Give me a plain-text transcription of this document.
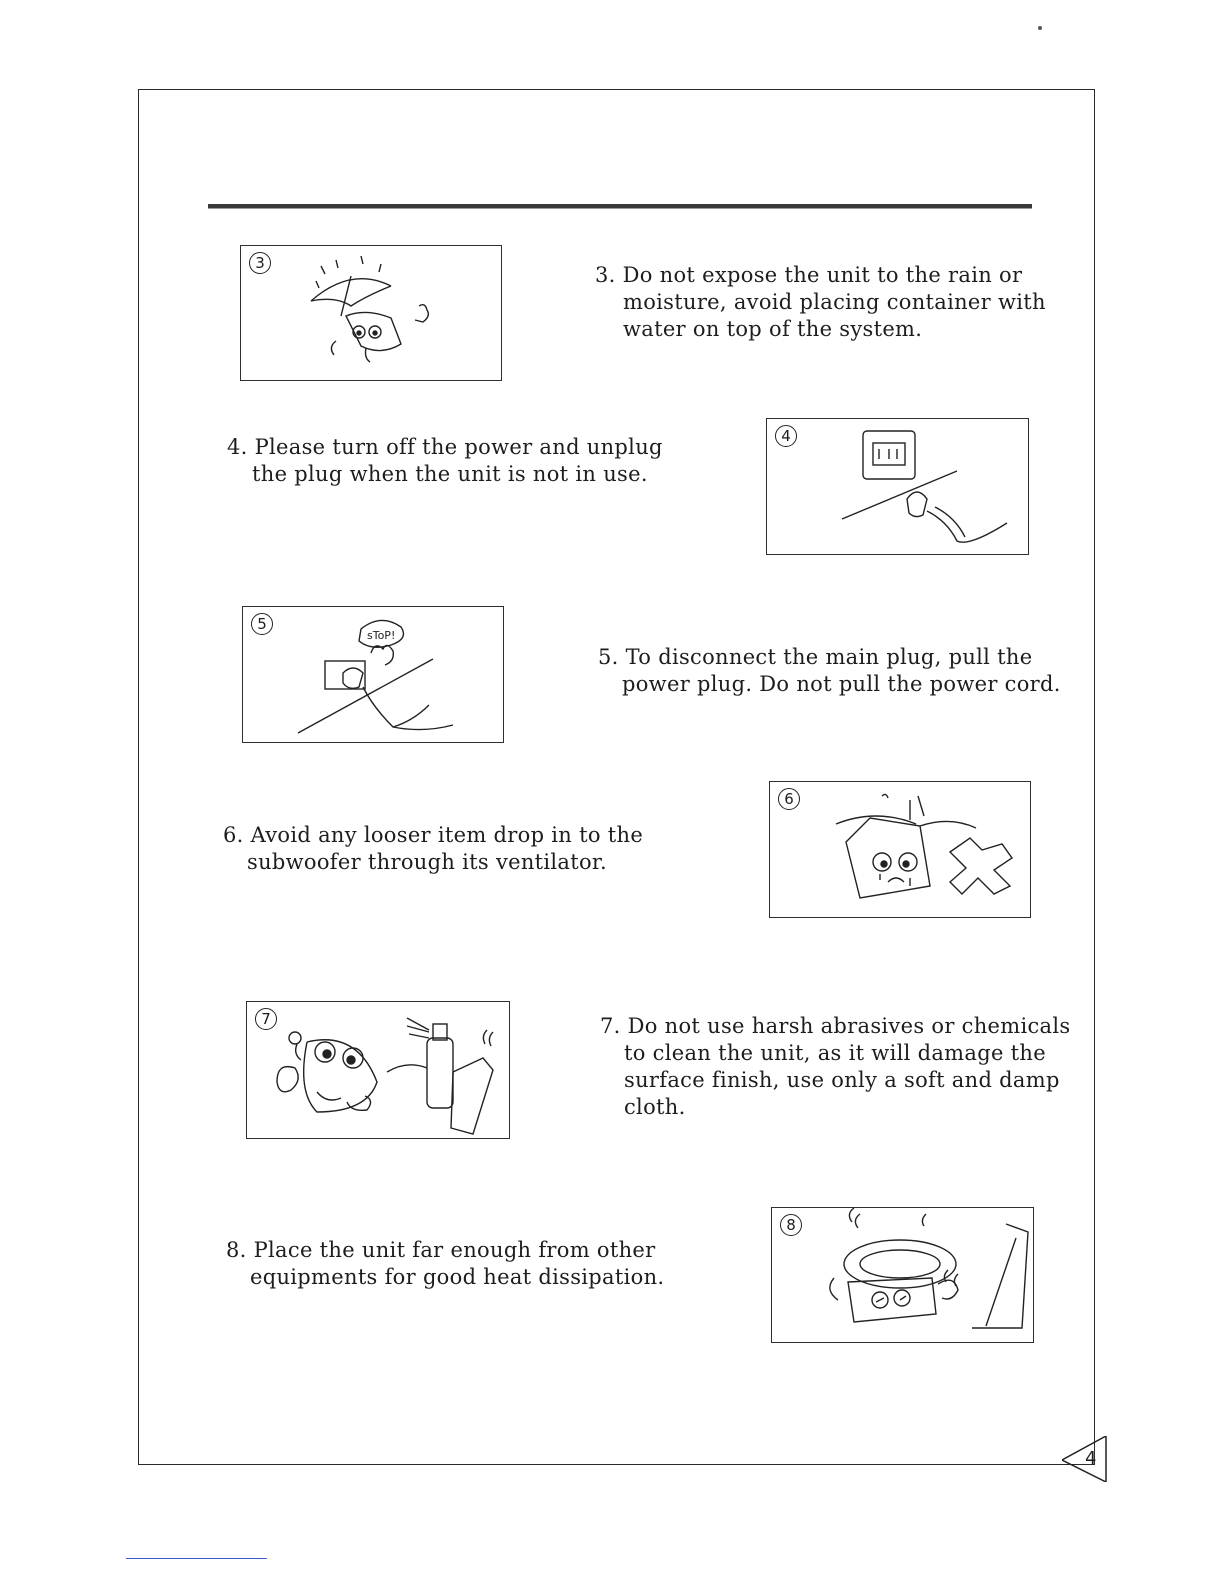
3	3. Do not expose the unit to the rain or
moisture, avoid placing container with
water on top of the system.
4. Please turn off the power and unplug
the plug when the unit is not in use.
4
5
sToP!
5. To disconnect the main plug, pull the
power plug. Do not pull the power cord.
6. Avoid any looser item drop in to the
subwoofer through its ventilator.
6
7	7. Do not use harsh abrasives or chemicals
to clean the unit, as it will damage the
surface finish, use only a soft and damp
cloth.
8. Place the unit far enough from other
equipments for good heat dissipation.
8
4
